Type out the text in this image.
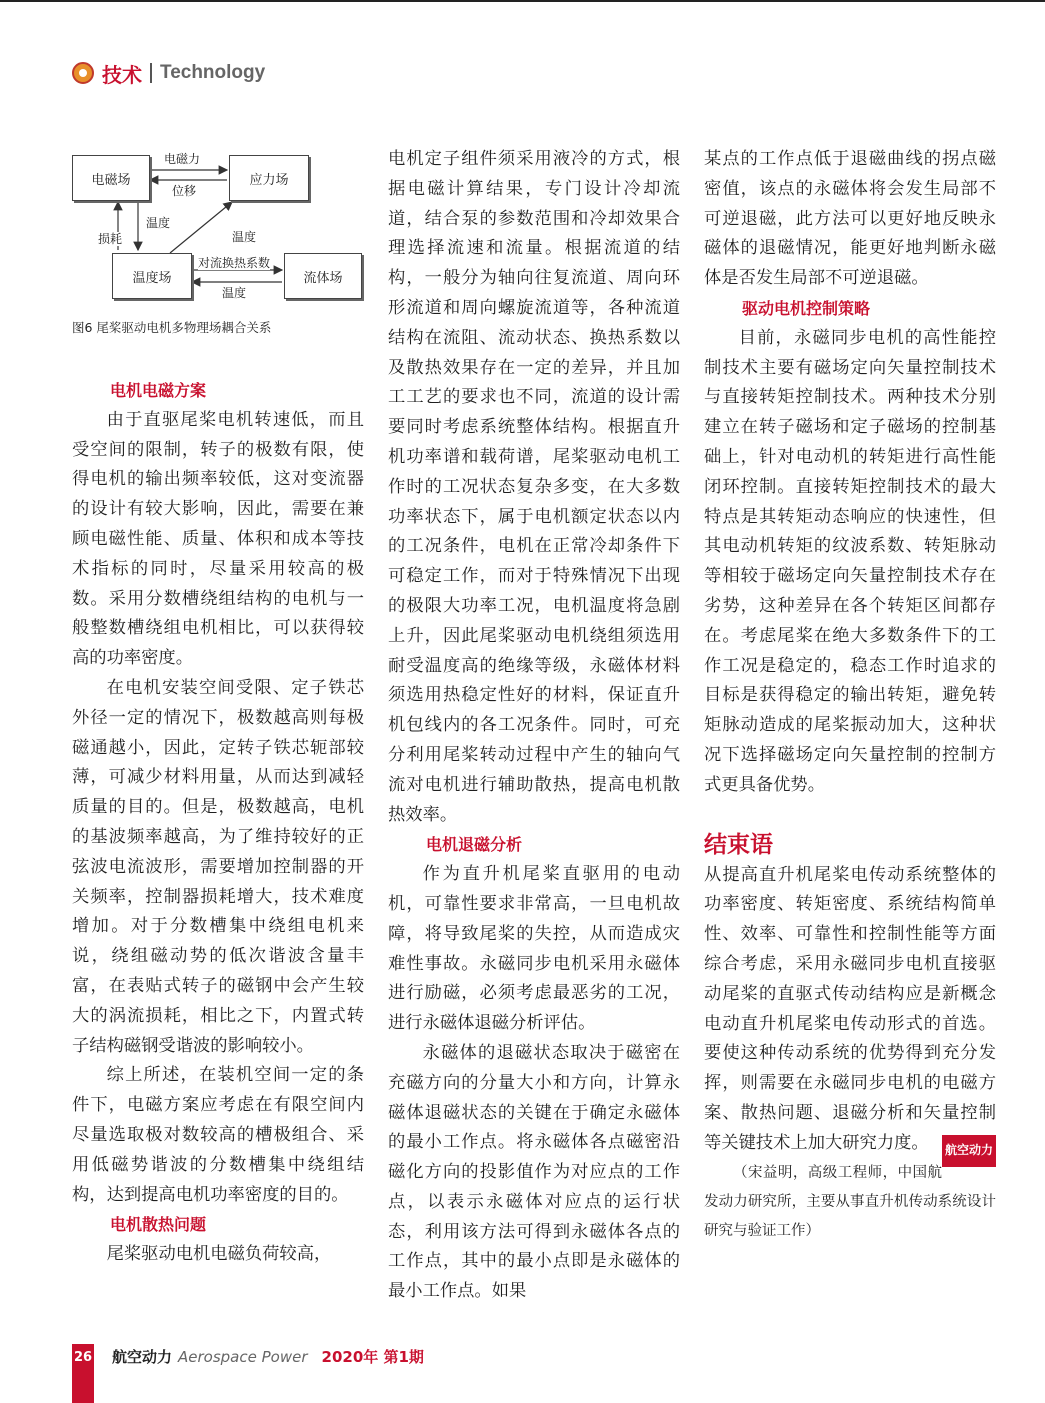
技术 Technology
电磁场	应力场
温度场	流体场
电磁力
位移
温度
损耗	温度
对流换热系数
温度
图6 尾桨驱动电机多物理场耦合关系

电机电磁方案

由于直驱尾桨电机转速低，而且受空间的限制，转子的极数有限，使得电机的输出频率较低，这对变流器的设计有较大影响，因此，需要在兼顾电磁性能、质量、体积和成本等技术指标的同时，尽量采用较高的极数。采用分数槽绕组结构的电机与一般整数槽绕组电机相比，可以获得较高的功率密度。

在电机安装空间受限、定子铁芯外径一定的情况下，极数越高则每极磁通越小，因此，定转子铁芯轭部较薄，可减少材料用量，从而达到减轻质量的目的。但是，极数越高，电机的基波频率越高，为了维持较好的正弦波电流波形，需要增加控制器的开关频率，控制器损耗增大，技术难度增加。对于分数槽集中绕组电机来说，绕组磁动势的低次谐波含量丰富，在表贴式转子的磁钢中会产生较大的涡流损耗，相比之下，内置式转子结构磁钢受谐波的影响较小。

综上所述，在装机空间一定的条件下，电磁方案应考虑在有限空间内尽量选取极对数较高的槽极组合、采用低磁势谐波的分数槽集中绕组结构，达到提高电机功率密度的目的。

电机散热问题

尾桨驱动电机电磁负荷较高，

电机定子组件须采用液冷的方式，根据电磁计算结果，专门设计冷却流道，结合泵的参数范围和冷却效果合理选择流速和流量。根据流道的结构，一般分为轴向往复流道、周向环形流道和周向螺旋流道等，各种流道结构在流阻、流动状态、换热系数以及散热效果存在一定的差异，并且加工工艺的要求也不同，流道的设计需要同时考虑系统整体结构。根据直升机功率谱和载荷谱，尾桨驱动电机工作时的工况状态复杂多变，在大多数功率状态下，属于电机额定状态以内的工况条件，电机在正常冷却条件下可稳定工作，而对于特殊情况下出现的极限大功率工况，电机温度将急剧上升，因此尾桨驱动电机绕组须选用耐受温度高的绝缘等级，永磁体材料须选用热稳定性好的材料，保证直升机包线内的各工况条件。同时，可充分利用尾桨转动过程中产生的轴向气流对电机进行辅助散热，提高电机散热效率。

电机退磁分析

作为直升机尾桨直驱用的电动机，可靠性要求非常高，一旦电机故障，将导致尾桨的失控，从而造成灾难性事故。永磁同步电机采用永磁体进行励磁，必须考虑最恶劣的工况，进行永磁体退磁分析评估。

永磁体的退磁状态取决于磁密在充磁方向的分量大小和方向，计算永磁体退磁状态的关键在于确定永磁体的最小工作点。将永磁体各点磁密沿磁化方向的投影值作为对应点的工作点，以表示永磁体对应点的运行状态，利用该方法可得到永磁体各点的工作点，其中的最小点即是永磁体的最小工作点。如果

某点的工作点低于退磁曲线的拐点磁密值，该点的永磁体将会发生局部不可逆退磁，此方法可以更好地反映永磁体的退磁情况，能更好地判断永磁体是否发生局部不可逆退磁。

驱动电机控制策略

目前，永磁同步电机的高性能控制技术主要有磁场定向矢量控制技术与直接转矩控制技术。两种技术分别建立在转子磁场和定子磁场的控制基础上，针对电动机的转矩进行高性能闭环控制。直接转矩控制技术的最大特点是其转矩动态响应的快速性，但其电动机转矩的纹波系数、转矩脉动等相较于磁场定向矢量控制技术存在劣势，这种差异在各个转矩区间都存在。考虑尾桨在绝大多数条件下的工作工况是稳定的，稳态工作时追求的目标是获得稳定的输出转矩，避免转矩脉动造成的尾桨振动加大，这种状况下选择磁场定向矢量控制的控制方式更具备优势。

结束语

从提高直升机尾桨电传动系统整体的功率密度、转矩密度、系统结构简单性、效率、可靠性和控制性能等方面综合考虑，采用永磁同步电机直接驱动尾桨的直驱式传动结构应是新概念电动直升机尾桨电传动形式的首选。要使这种传动系统的优势得到充分发挥，则需要在永磁同步电机的电磁方案、散热问题、退磁分析和矢量控制等关键技术上加大研究力度。 航空动力

（宋益明，高级工程师，中国航发动力研究所，主要从事直升机传动系统设计研究与验证工作）

26 航空动力 Aerospace Power 2020年 第1期
